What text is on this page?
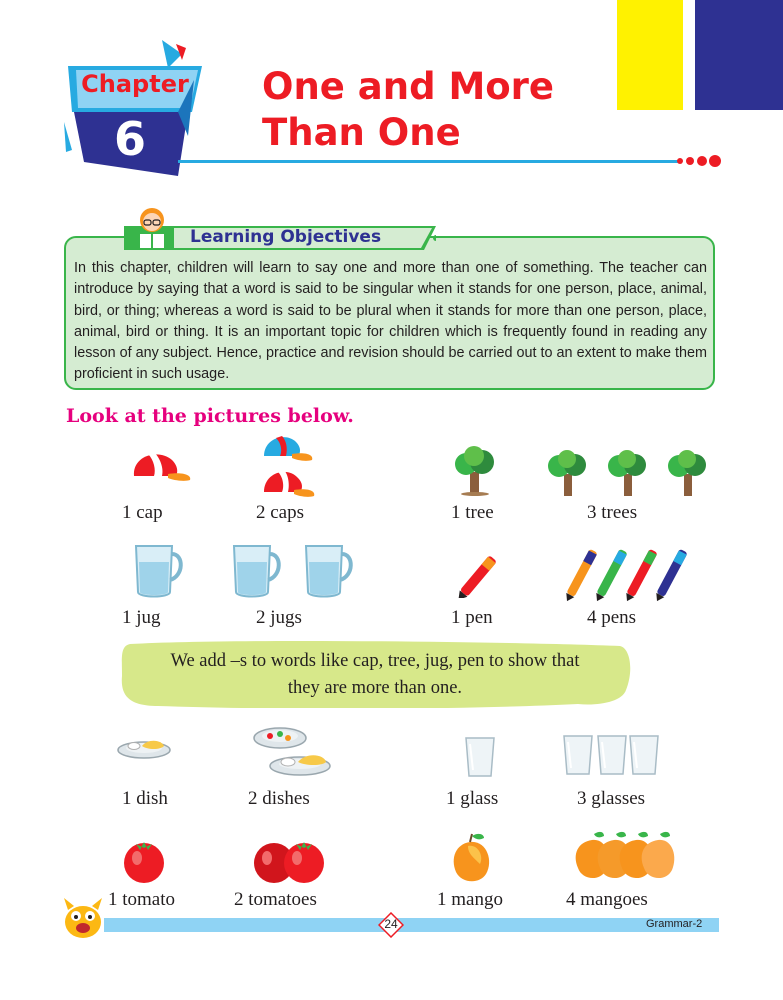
Chapter
6
One and More
Than One
In this chapter, children will learn to say one and more than one of something. The teacher can introduce by saying that a word is said to be singular when it stands for one person, place, animal, bird, or thing; whereas a word is said to be plural when it stands for more than one person, place, animal, bird or thing. It is an important topic for children which is frequently found in reading any lesson of any subject. Hence, practice and revision should be carried out to an extent to make them proficient in such usage.
Learning Objectives
Look at the pictures below.
1 cap	2 caps	1 tree	3 trees
1 jug	2 jugs	1 pen	4 pens
We add –s to words like cap, tree, jug, pen to show that
they are more than one.
1 dish	2 dishes	1 glass	3 glasses
1 tomato	2 tomatoes	1 mango	4 mangoes
24	Grammar-2
